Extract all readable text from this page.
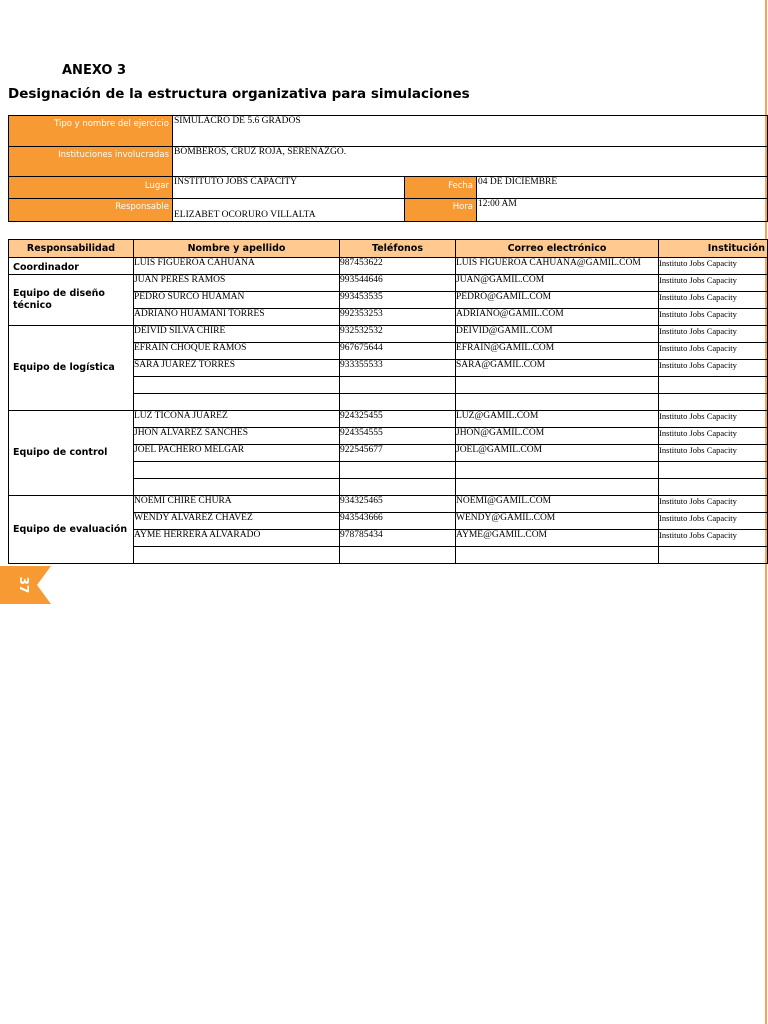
ANEXO 3
Designación de la estructura organizativa para simulaciones
Tipo y nombre del ejercicio	SIMULACRO DE 5.6 GRADOS		
Instituciones involucradas	BOMBEROS, CRUZ ROJA, SERENAZGO.		
Lugar	INSTITUTO JOBS CAPACITY	Fecha	04 DE DICIEMBRE
Responsable	ELIZABET OCORURO VILLALTA	Hora	12:00 AM
Responsabilidad	Nombre y apellido	Teléfonos	Correo electrónico	Institución
Coordinador	LUIS FIGUEROA CAHUANA	987453622	LUIS FIGUEROA CAHUANA@GAMIL.COM	Instituto Jobs Capacity
Equipo de diseño técnico	JUAN PERES RAMOS	993544646	JUAN@GAMIL.COM	Instituto Jobs Capacity
	PEDRO SURCO HUAMAN	993453535	PEDRO@GAMIL.COM	Instituto Jobs Capacity
	ADRIANO HUAMANI TORRES	992353253	ADRIANO@GAMIL.COM	Instituto Jobs Capacity
Equipo de logística	DEIVID SILVA CHIRE	932532532	DEIVID@GAMIL.COM	Instituto Jobs Capacity
	EFRAIN CHOQUE RAMOS	967675644	EFRAIN@GAMIL.COM	Instituto Jobs Capacity
	SARA JUAREZ TORRES	933355533	SARA@GAMIL.COM	Instituto Jobs Capacity

Equipo de control	LUZ TICONA JUAREZ	924325455	LUZ@GAMIL.COM	Instituto Jobs Capacity
	JHON ALVAREZ SANCHES	924354555	JHON@GAMIL.COM	Instituto Jobs Capacity
	JOEL PACHERO MELGAR	922545677	JOEL@GAMIL.COM	Instituto Jobs Capacity

Equipo de evaluación	NOEMI CHIRE CHURA	934325465	NOEMI@GAMIL.COM	Instituto Jobs Capacity
	WENDY ALVAREZ CHAVEZ	943543666	WENDY@GAMIL.COM	Instituto Jobs Capacity
	AYME HERRERA ALVARADO	978785434	AYME@GAMIL.COM	Instituto Jobs Capacity

37
